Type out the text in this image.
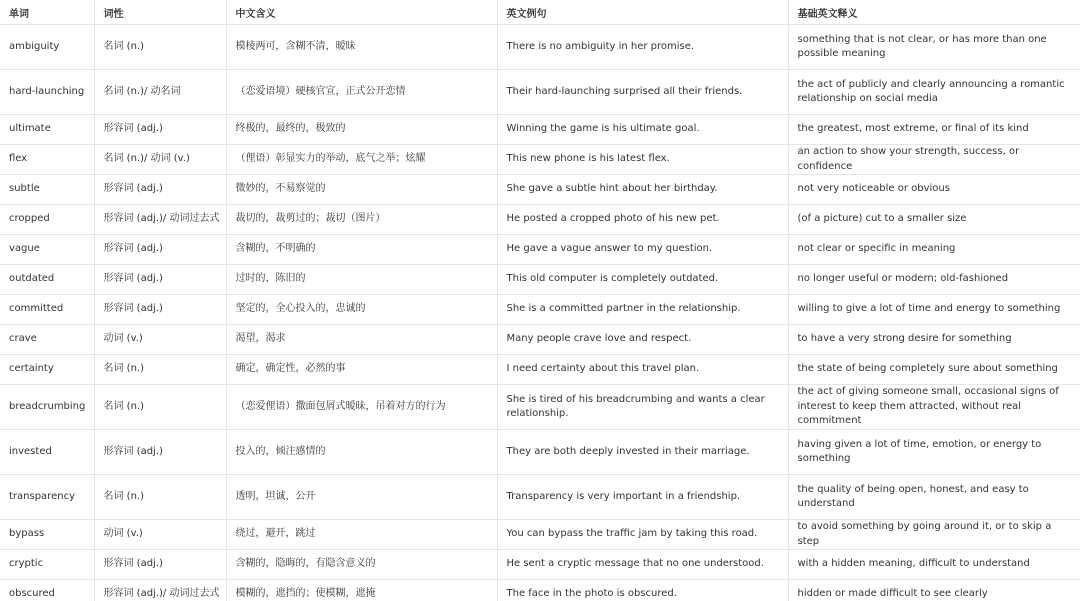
单词	词性	中文含义	英文例句	基础英文释义
ambiguity	名词 (n.)	模棱两可，含糊不清，暧昧	There is no ambiguity in her promise.	something that is not clear, or has more than one possible meaning
hard-launching	名词 (n.)/ 动名词	（恋爱语境）硬核官宣，正式公开恋情	Their hard-launching surprised all their friends.	the act of publicly and clearly announcing a romantic relationship on social media
ultimate	形容词 (adj.)	终极的，最终的，极致的	Winning the game is his ultimate goal.	the greatest, most extreme, or final of its kind
flex	名词 (n.)/ 动词 (v.)	（俚语）彰显实力的举动，底气之举；炫耀	This new phone is his latest flex.	an action to show your strength, success, or confidence
subtle	形容词 (adj.)	微妙的，不易察觉的	She gave a subtle hint about her birthday.	not very noticeable or obvious
cropped	形容词 (adj.)/ 动词过去式	裁切的，裁剪过的；裁切（图片）	He posted a cropped photo of his new pet.	(of a picture) cut to a smaller size
vague	形容词 (adj.)	含糊的，不明确的	He gave a vague answer to my question.	not clear or specific in meaning
outdated	形容词 (adj.)	过时的，陈旧的	This old computer is completely outdated.	no longer useful or modern; old-fashioned
committed	形容词 (adj.)	坚定的，全心投入的，忠诚的	She is a committed partner in the relationship.	willing to give a lot of time and energy to something
crave	动词 (v.)	渴望，渴求	Many people crave love and respect.	to have a very strong desire for something
certainty	名词 (n.)	确定，确定性，必然的事	I need certainty about this travel plan.	the state of being completely sure about something
breadcrumbing	名词 (n.)	（恋爱俚语）撒面包屑式暧昧，吊着对方的行为	She is tired of his breadcrumbing and wants a clear relationship.	the act of giving someone small, occasional signs of interest to keep them attracted, without real commitment
invested	形容词 (adj.)	投入的，倾注感情的	They are both deeply invested in their marriage.	having given a lot of time, emotion, or energy to something
transparency	名词 (n.)	透明，坦诚，公开	Transparency is very important in a friendship.	the quality of being open, honest, and easy to understand
bypass	动词 (v.)	绕过，避开，跳过	You can bypass the traffic jam by taking this road.	to avoid something by going around it, or to skip a step
cryptic	形容词 (adj.)	含糊的，隐晦的，有隐含意义的	He sent a cryptic message that no one understood.	with a hidden meaning, difficult to understand
obscured	形容词 (adj.)/ 动词过去式	模糊的，遮挡的；使模糊，遮掩	The face in the photo is obscured.	hidden or made difficult to see clearly
